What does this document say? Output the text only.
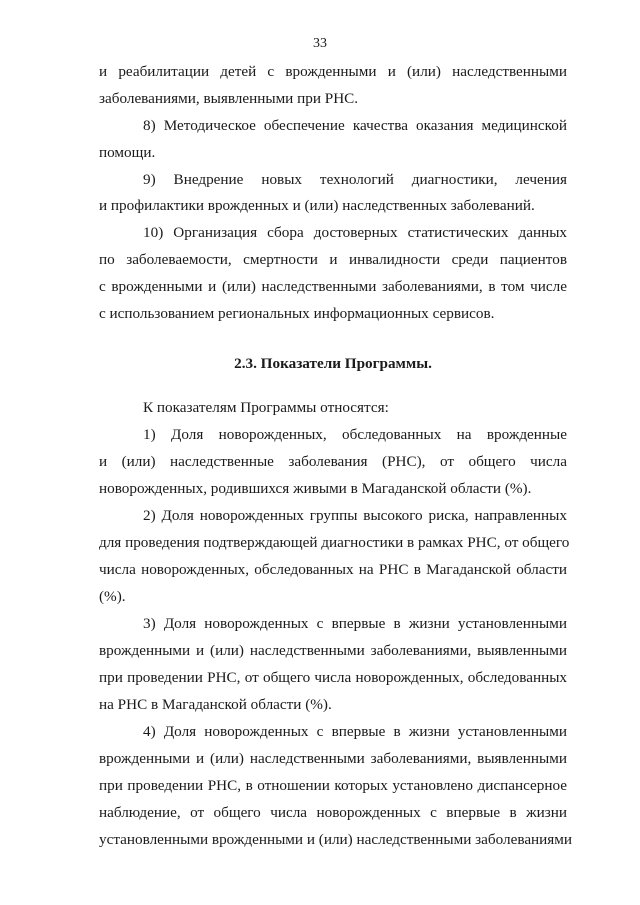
33
и реабилитации детей с врожденными и (или) наследственными
заболеваниями, выявленными при РНС.
8) Методическое обеспечение качества оказания медицинской
помощи.
9) Внедрение новых технологий диагностики, лечения
и профилактики врожденных и (или) наследственных заболеваний.
10) Организация сбора достоверных статистических данных
по заболеваемости, смертности и инвалидности среди пациентов
с врожденными и (или) наследственными заболеваниями, в том числе
с использованием региональных информационных сервисов.
2.3. Показатели Программы.
К показателям Программы относятся:
1) Доля новорожденных, обследованных на врожденные
и (или) наследственные заболевания (РНС), от общего числа
новорожденных, родившихся живыми в Магаданской области (%).
2) Доля новорожденных группы высокого риска, направленных
для проведения подтверждающей диагностики в рамках РНС, от общего
числа новорожденных, обследованных на РНС в Магаданской области
(%).
3) Доля новорожденных с впервые в жизни установленными
врожденными и (или) наследственными заболеваниями, выявленными
при проведении РНС, от общего числа новорожденных, обследованных
на РНС в Магаданской области (%).
4) Доля новорожденных с впервые в жизни установленными
врожденными и (или) наследственными заболеваниями, выявленными
при проведении РНС, в отношении которых установлено диспансерное
наблюдение, от общего числа новорожденных с впервые в жизни
установленными врожденными и (или) наследственными заболеваниями
